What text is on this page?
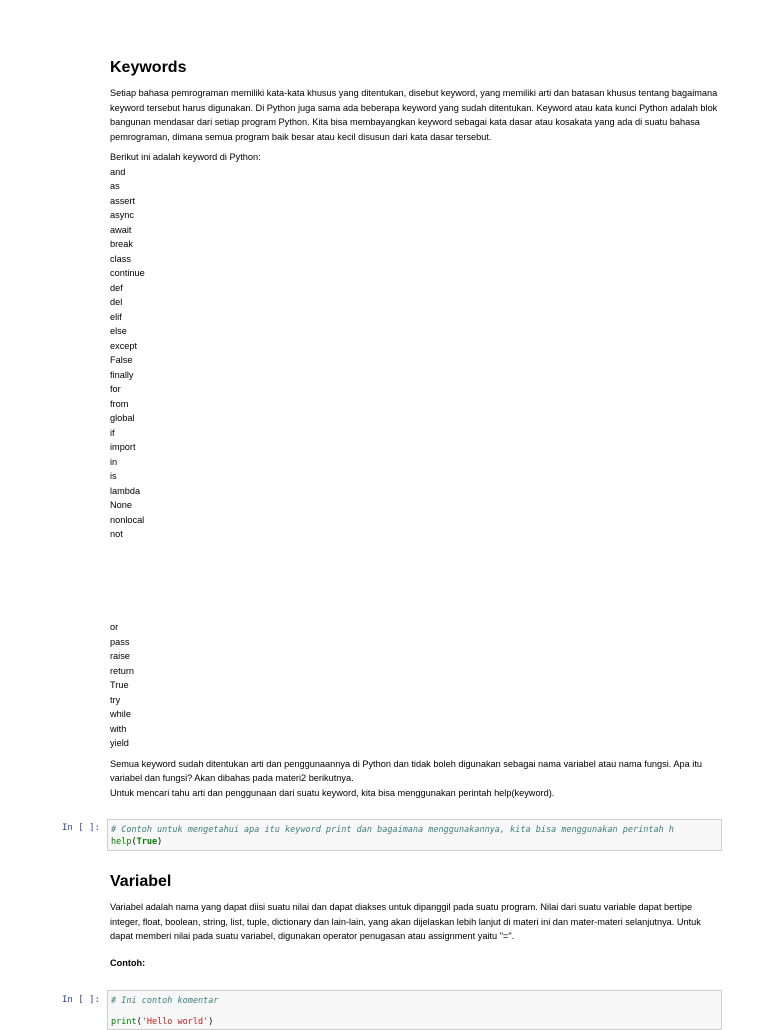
Keywords

Setiap bahasa pemrograman memiliki kata-kata khusus yang ditentukan, disebut keyword, yang memiliki arti dan batasan khusus tentang bagaimana keyword tersebut harus digunakan. Di Python juga sama ada beberapa keyword yang sudah ditentukan. Keyword atau kata kunci Python adalah blok bangunan mendasar dari setiap program Python. Kita bisa membayangkan keyword sebagai kata dasar atau kosakata yang ada di suatu bahasa pemrograman, dimana semua program baik besar atau kecil disusun dari kata dasar tersebut.

Berikut ini adalah keyword di Python:

and
as
assert
async
await
break
class
continue
def
del
elif
else
except
False
finally
for
from
global
if
import
in
is
lambda
None
nonlocal
not
or
pass
raise
return
True
try
while
with
yield

Semua keyword sudah ditentukan arti dan penggunaannya di Python dan tidak boleh digunakan sebagai nama variabel atau nama fungsi. Apa itu variabel dan fungsi? Akan dibahas pada materi2 berikutnya.

Untuk mencari tahu arti dan penggunaan dari suatu keyword, kita bisa menggunakan perintah help(keyword).

In [ ]: # Contoh untuk mengetahui apa itu keyword print dan bagaimana menggunakannya, kita bisa menggunakan perintah h
help(True)
Variabel

Variabel adalah nama yang dapat diisi suatu nilai dan dapat diakses untuk dipanggil pada suatu program. Nilai dari suatu variable dapat bertipe integer, float, boolean, string, list, tuple, dictionary dan lain-lain, yang akan dijelaskan lebih lanjut di materi ini dan mater-materi selanjutnya. Untuk dapat memberi nilai pada suatu variabel, digunakan operator penugasan atau assignment yaitu "=".

Contoh:

In [ ]: # Ini contoh komentar
print('Hello world')
